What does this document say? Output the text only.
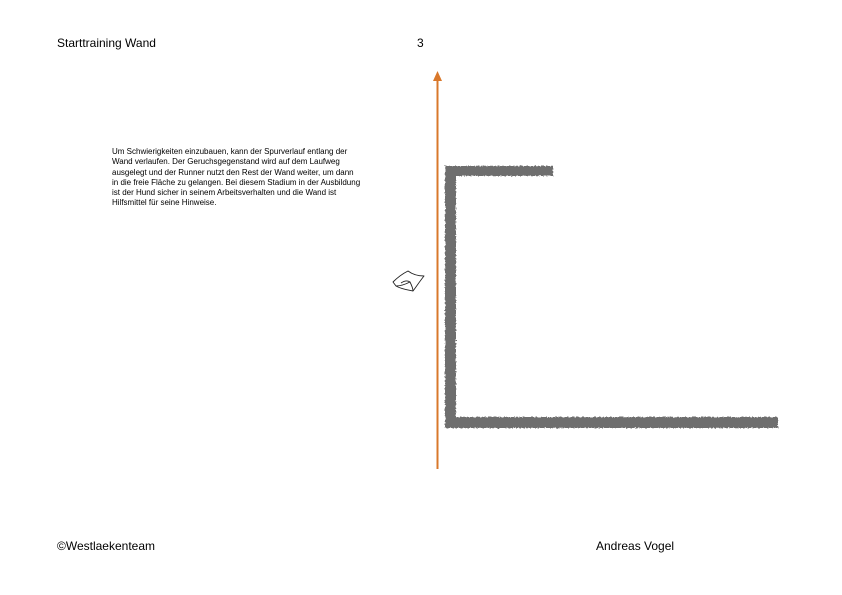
Starttraining Wand	3

Um Schwierigkeiten einzubauen, kann der Spurverlauf entlang der Wand verlaufen. Der Geruchsgegenstand wird auf dem Laufweg ausgelegt und der Runner nutzt den Rest der Wand weiter, um dann in die freie Fläche zu gelangen. Bei diesem Stadium in der Ausbildung ist der Hund sicher in seinem Arbeitsverhalten und die Wand ist Hilfsmittel für seine Hinweise.

©Westlaekenteam	Andreas Vogel
